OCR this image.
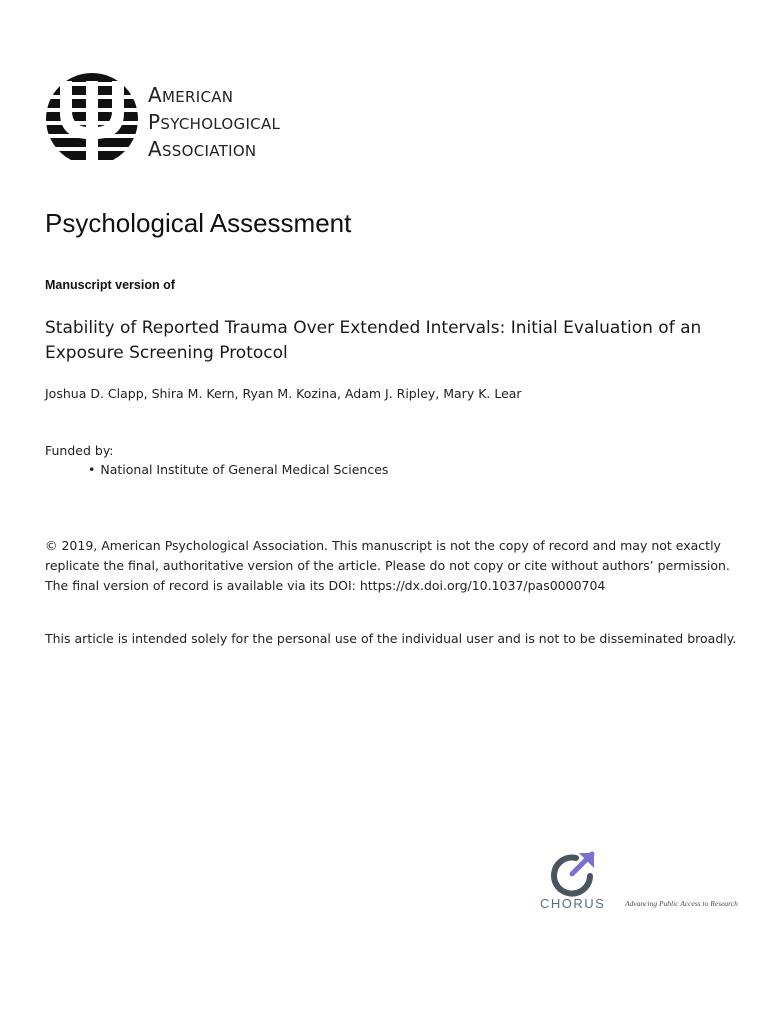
AMERICAN
PSYCHOLOGICAL
ASSOCIATION
Psychological Assessment
Manuscript version of
Stability of Reported Trauma Over Extended Intervals: Initial Evaluation of an Exposure Screening Protocol
Joshua D. Clapp, Shira M. Kern, Ryan M. Kozina, Adam J. Ripley, Mary K. Lear
Funded by:
• National Institute of General Medical Sciences
© 2019, American Psychological Association. This manuscript is not the copy of record and may not exactly replicate the final, authoritative version of the article. Please do not copy or cite without authors’ permission. The final version of record is available via its DOI: https://dx.doi.org/10.1037/pas0000704
This article is intended solely for the personal use of the individual user and is not to be disseminated broadly.
CHORUS	Advancing Public Access to Research
